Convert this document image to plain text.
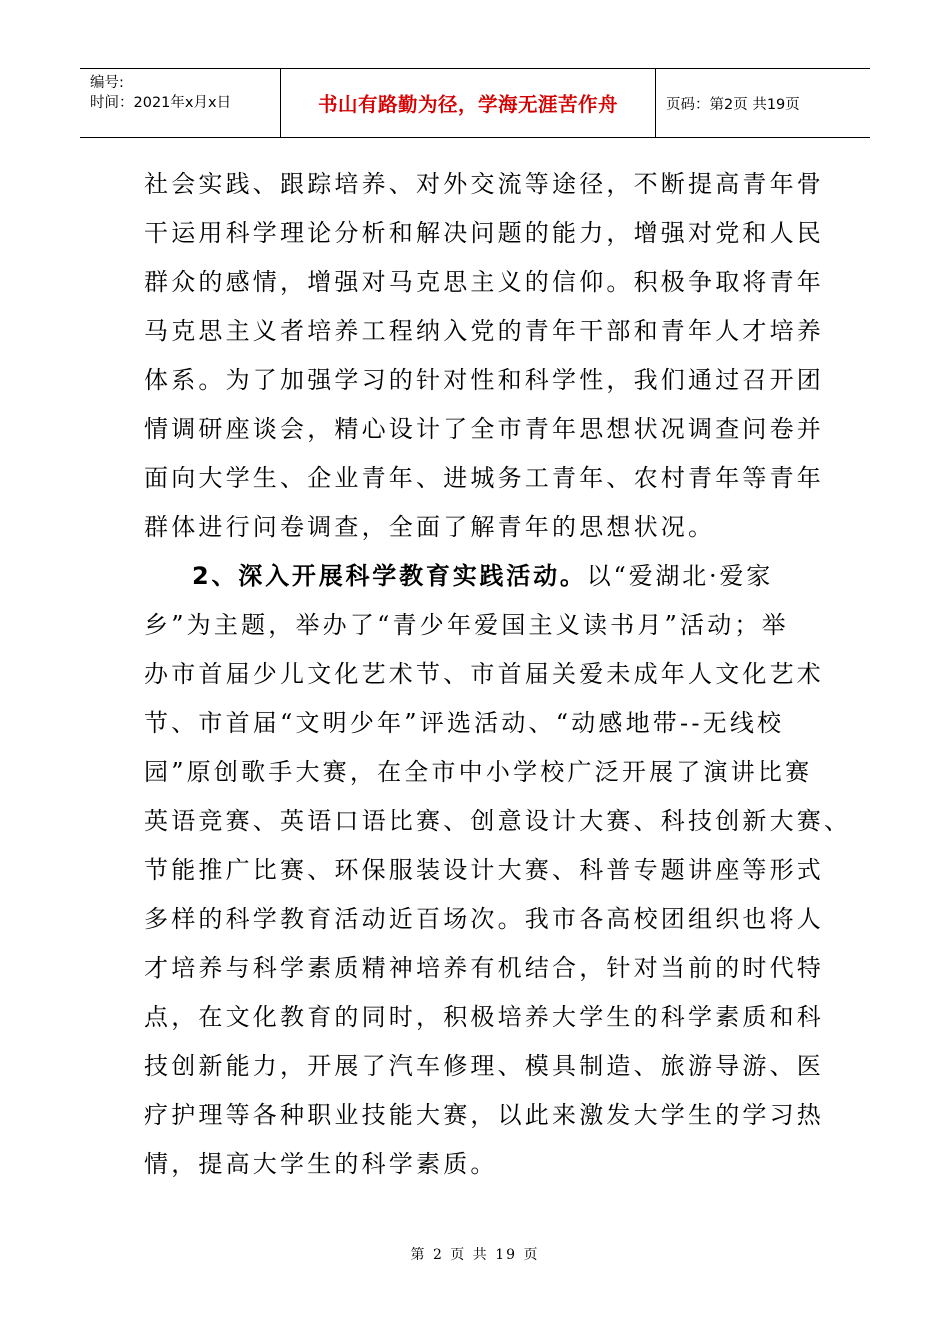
编号:
时间：2021年x月x日	书山有路勤为径，学海无涯苦作舟	页码：第2页 共19页
社会实践、跟踪培养、对外交流等途径，不断提高青年骨
干运用科学理论分析和解决问题的能力，增强对党和人民
群众的感情，增强对马克思主义的信仰。积极争取将青年
马克思主义者培养工程纳入党的青年干部和青年人才培养
体系。为了加强学习的针对性和科学性，我们通过召开团
情调研座谈会，精心设计了全市青年思想状况调查问卷并
面向大学生、企业青年、进城务工青年、农村青年等青年
群体进行问卷调查，全面了解青年的思想状况。
2、深入开展科学教育实践活动。以“爱湖北·爱家
乡”为主题，举办了“青少年爱国主义读书月”活动；举
办市首届少儿文化艺术节、市首届关爱未成年人文化艺术
节、市首届“文明少年”评选活动、“动感地带--无线校
园”原创歌手大赛，在全市中小学校广泛开展了演讲比赛
英语竞赛、英语口语比赛、创意设计大赛、科技创新大赛、
节能推广比赛、环保服装设计大赛、科普专题讲座等形式
多样的科学教育活动近百场次。我市各高校团组织也将人
才培养与科学素质精神培养有机结合，针对当前的时代特
点，在文化教育的同时，积极培养大学生的科学素质和科
技创新能力，开展了汽车修理、模具制造、旅游导游、医
疗护理等各种职业技能大赛，以此来激发大学生的学习热
情，提高大学生的科学素质。
第 2 页 共 19 页
